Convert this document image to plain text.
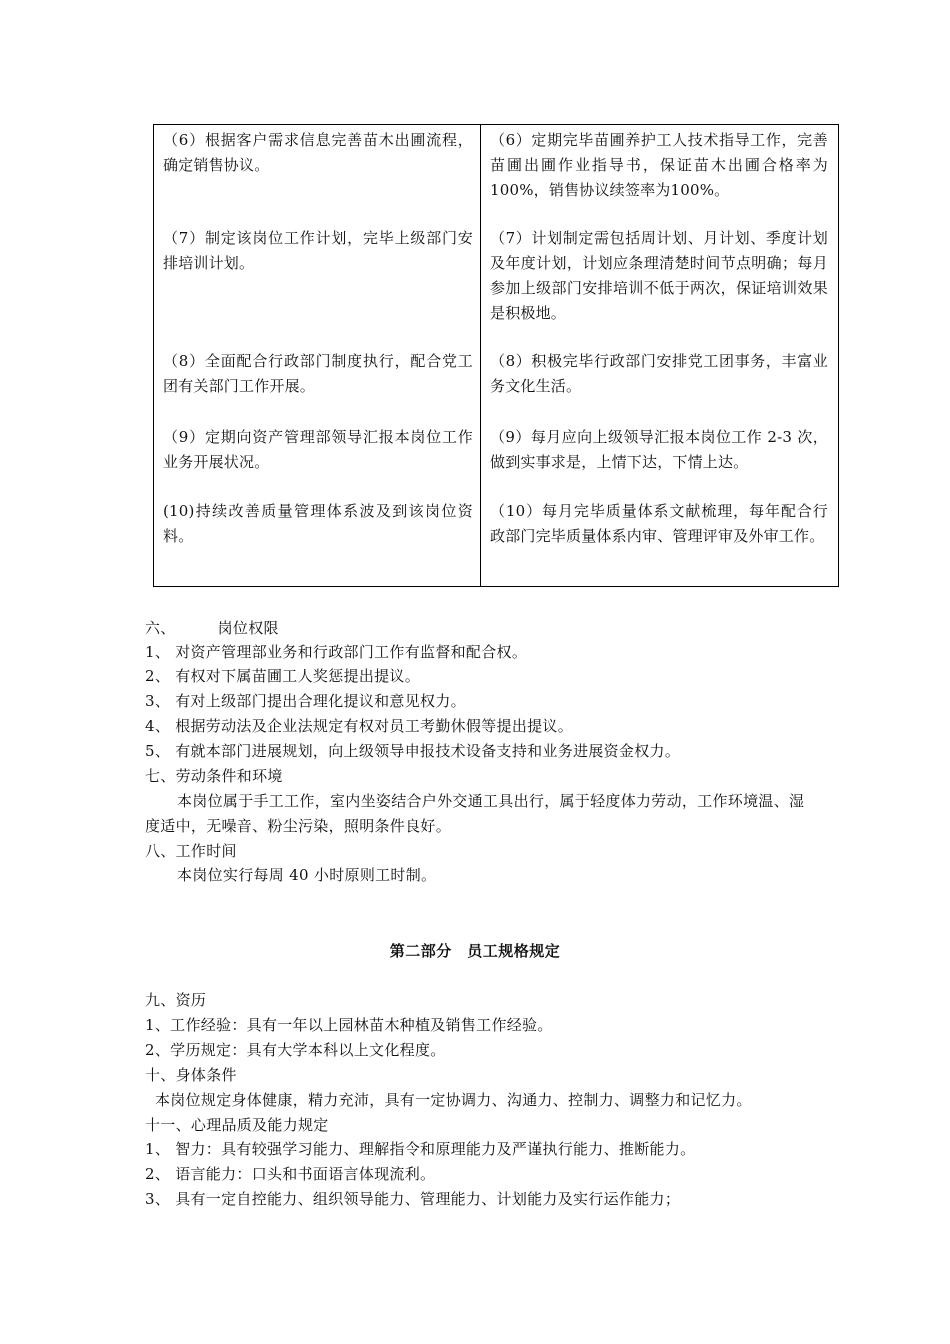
（6）根据客户需求信息完善苗木出圃流程，确定销售协议。
（6）定期完毕苗圃养护工人技术指导工作，完善苗圃出圃作业指导书，保证苗木出圃合格率为100%，销售协议续签率为100%。
（7）制定该岗位工作计划，完毕上级部门安排培训计划。
（7）计划制定需包括周计划、月计划、季度计划及年度计划，计划应条理清楚时间节点明确；每月参加上级部门安排培训不低于两次，保证培训效果是积极地。
（8）全面配合行政部门制度执行，配合党工团有关部门工作开展。
（8）积极完毕行政部门安排党工团事务，丰富业务文化生活。
（9）定期向资产管理部领导汇报本岗位工作业务开展状况。
（9）每月应向上级领导汇报本岗位工作 2-3 次，做到实事求是，上情下达，下情上达。
(10)持续改善质量管理体系波及到该岗位资料。
（10）每月完毕质量体系文献梳理，每年配合行政部门完毕质量体系内审、管理评审及外审工作。
六、	岗位权限
1、 对资产管理部业务和行政部门工作有监督和配合权。
2、 有权对下属苗圃工人奖惩提出提议。
3、 有对上级部门提出合理化提议和意见权力。
4、 根据劳动法及企业法规定有权对员工考勤休假等提出提议。
5、 有就本部门进展规划，向上级领导申报技术设备支持和业务进展资金权力。
七、劳动条件和环境
本岗位属于手工工作，室内坐姿结合户外交通工具出行，属于轻度体力劳动，工作环境温、湿度适中，无噪音、粉尘污染，照明条件良好。
八、工作时间
本岗位实行每周 40 小时原则工时制。
第二部分　员工规格规定
九、资历
1、工作经验：具有一年以上园林苗木种植及销售工作经验。
2、学历规定：具有大学本科以上文化程度。
十、身体条件
本岗位规定身体健康，精力充沛，具有一定协调力、沟通力、控制力、调整力和记忆力。
十一、心理品质及能力规定
1、 智力：具有较强学习能力、理解指令和原理能力及严谨执行能力、推断能力。
2、 语言能力：口头和书面语言体现流利。
3、 具有一定自控能力、组织领导能力、管理能力、计划能力及实行运作能力；
